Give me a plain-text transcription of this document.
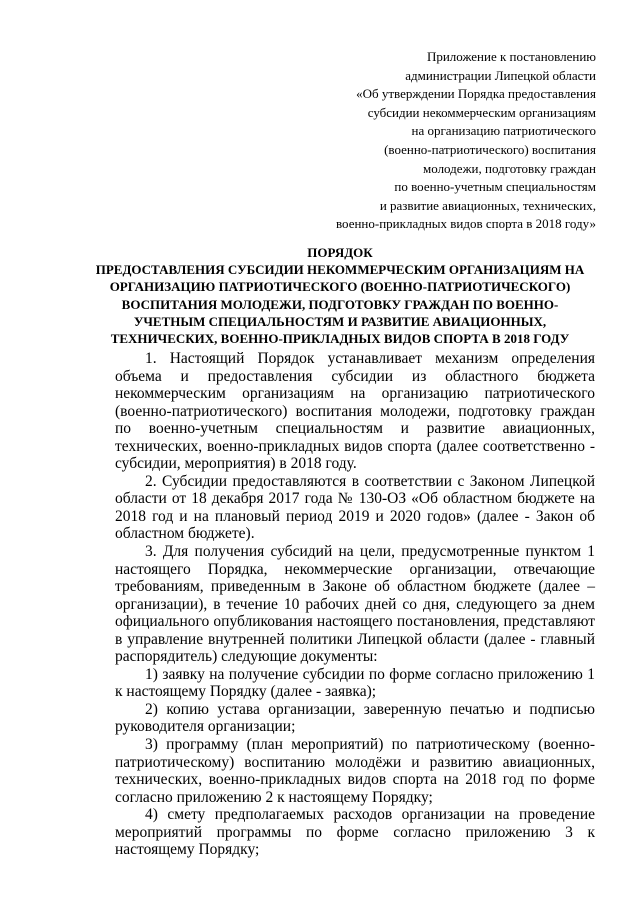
Приложение к постановлению
администрации Липецкой области
«Об утверждении Порядка предоставления
субсидии некоммерческим организациям
на организацию патриотического
(военно-патриотического) воспитания
молодежи, подготовку граждан
по военно-учетным специальностям
и развитие авиационных, технических,
военно-прикладных видов спорта в 2018 году»
ПОРЯДОК
ПРЕДОСТАВЛЕНИЯ СУБСИДИИ НЕКОММЕРЧЕСКИМ ОРГАНИЗАЦИЯМ НА
ОРГАНИЗАЦИЮ ПАТРИОТИЧЕСКОГО (ВОЕННО-ПАТРИОТИЧЕСКОГО)
ВОСПИТАНИЯ МОЛОДЕЖИ, ПОДГОТОВКУ ГРАЖДАН ПО ВОЕННО-
УЧЕТНЫМ СПЕЦИАЛЬНОСТЯМ И РАЗВИТИЕ АВИАЦИОННЫХ,
ТЕХНИЧЕСКИХ, ВОЕННО-ПРИКЛАДНЫХ ВИДОВ СПОРТА В 2018 ГОДУ

1. Настоящий Порядок устанавливает механизм определения объема и предоставления субсидии из областного бюджета некоммерческим организациям на организацию патриотического (военно-патриотического) воспитания молодежи, подготовку граждан по военно-учетным специальностям и развитие авиационных, технических, военно-прикладных видов спорта (далее соответственно - субсидии, мероприятия) в 2018 году.

2. Субсидии предоставляются в соответствии с Законом Липецкой области от 18 декабря 2017 года № 130-ОЗ «Об областном бюджете на 2018 год и на плановый период 2019 и 2020 годов» (далее - Закон об областном бюджете).

3. Для получения субсидий на цели, предусмотренные пунктом 1 настоящего Порядка, некоммерческие организации, отвечающие требованиям, приведенным в Законе об областном бюджете (далее – организации), в течение 10 рабочих дней со дня, следующего за днем официального опубликования настоящего постановления, представляют в управление внутренней политики Липецкой области (далее - главный распорядитель) следующие документы:

1) заявку на получение субсидии по форме согласно приложению 1 к настоящему Порядку (далее - заявка);

2) копию устава организации, заверенную печатью и подписью руководителя организации;

3) программу (план мероприятий) по патриотическому (военно-патриотическому) воспитанию молодёжи и развитию авиационных, технических, военно-прикладных видов спорта на 2018 год по форме согласно приложению 2 к настоящему Порядку;

4) смету предполагаемых расходов организации на проведение мероприятий программы по форме согласно приложению 3 к настоящему Порядку;
